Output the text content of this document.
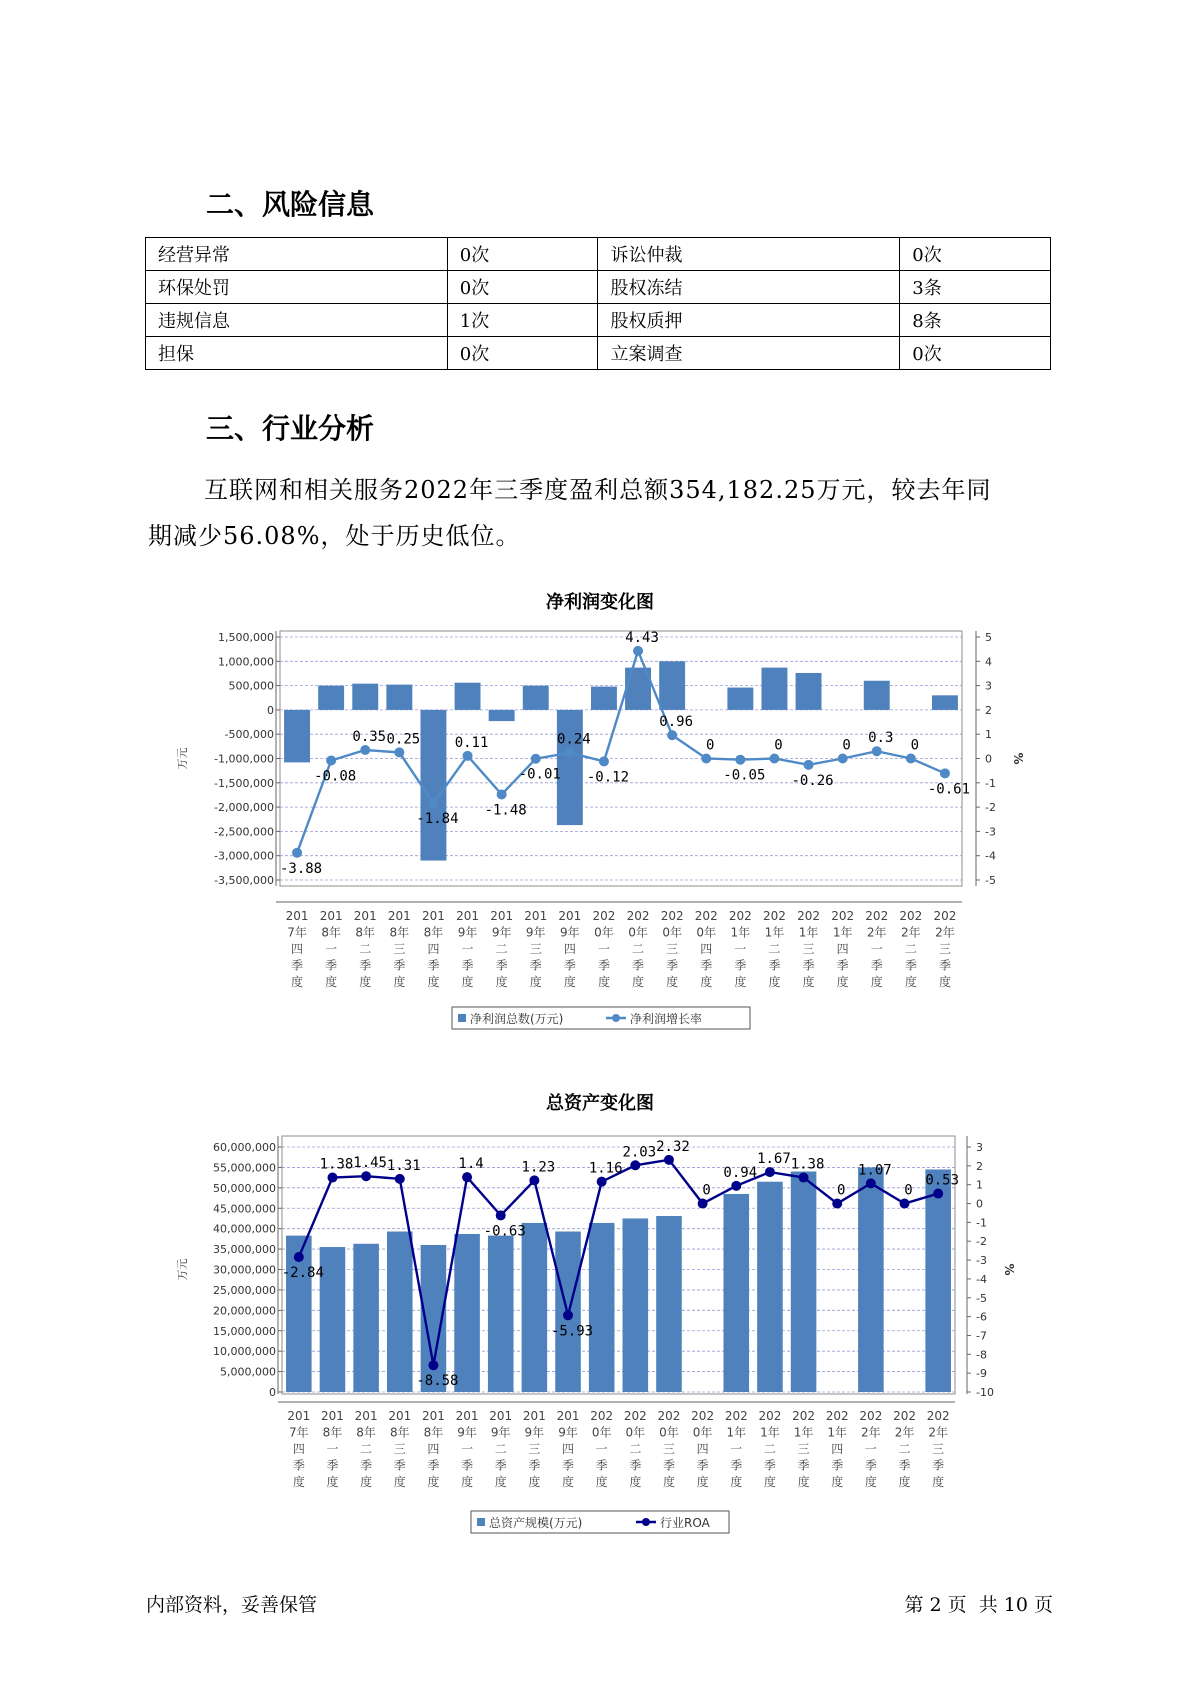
二、风险信息
经营异常	0次	诉讼仲裁	0次
环保处罚	0次	股权冻结	3条
违规信息	1次	股权质押	8条
担保	0次	立案调查	0次
三、行业分析
互联网和相关服务2022年三季度盈利总额354,182.25万元，较去年同
期减少56.08%，处于历史低位。
净利润变化图
1,500,000
1,000,000
500,000
0
-500,000
-1,000,000
-1,500,000
-2,000,000
-2,500,000
-3,000,000
-3,500,000
5
4
3
2
1
0
-1
-2
-3
-4
-5
万元	%
-3.88
-0.08
0.35 0.25
-1.84
0.11
-1.48
-0.01
0.24
-0.12
4.43
0.96
0
-0.05
0
-0.26
0 0.3 0
-0.61
201
7年
四
季
度
201
8年
一
季
度
201
8年
二
季
度
201
8年
三
季
度
201
8年
四
季
度
201
9年
一
季
度
201
9年
二
季
度
201
9年
三
季
度
201
9年
四
季
度
202
0年
一
季
度
202
0年
二
季
度
202
0年
三
季
度
202
0年
四
季
度
202
1年
一
季
度
202
1年
二
季
度
202
1年
三
季
度
202
1年
四
季
度
202
2年
一
季
度
202
2年
二
季
度
202
2年
三
季
度
净利润总数(万元)	净利润增长率
总资产变化图
60,000,000
55,000,000
50,000,000
45,000,000
40,000,000
35,000,000
30,000,000
25,000,000
20,000,000
15,000,000
10,000,000
5,000,000
0
3
2
1
0
-1
-2
-3
-4
-5
-6
-7
-8
-9
-10
万元	%
-2.84
1.38 1.45 1.31
-8.58
1.4
-0.63
1.23
-5.93
1.16
2.03 2.32
0
0.94
1.67 1.38
0
1.07
0
0.53
201
7年
四
季
度
201
8年
一
季
度
201
8年
二
季
度
201
8年
三
季
度
201
8年
四
季
度
201
9年
一
季
度
201
9年
二
季
度
201
9年
三
季
度
201
9年
四
季
度
202
0年
一
季
度
202
0年
二
季
度
202
0年
三
季
度
202
0年
四
季
度
202
1年
一
季
度
202
1年
二
季
度
202
1年
三
季
度
202
1年
四
季
度
202
2年
一
季
度
202
2年
二
季
度
202
2年
三
季
度
总资产规模(万元)	行业ROA
内部资料，妥善保管	第 2 页  共 10 页
